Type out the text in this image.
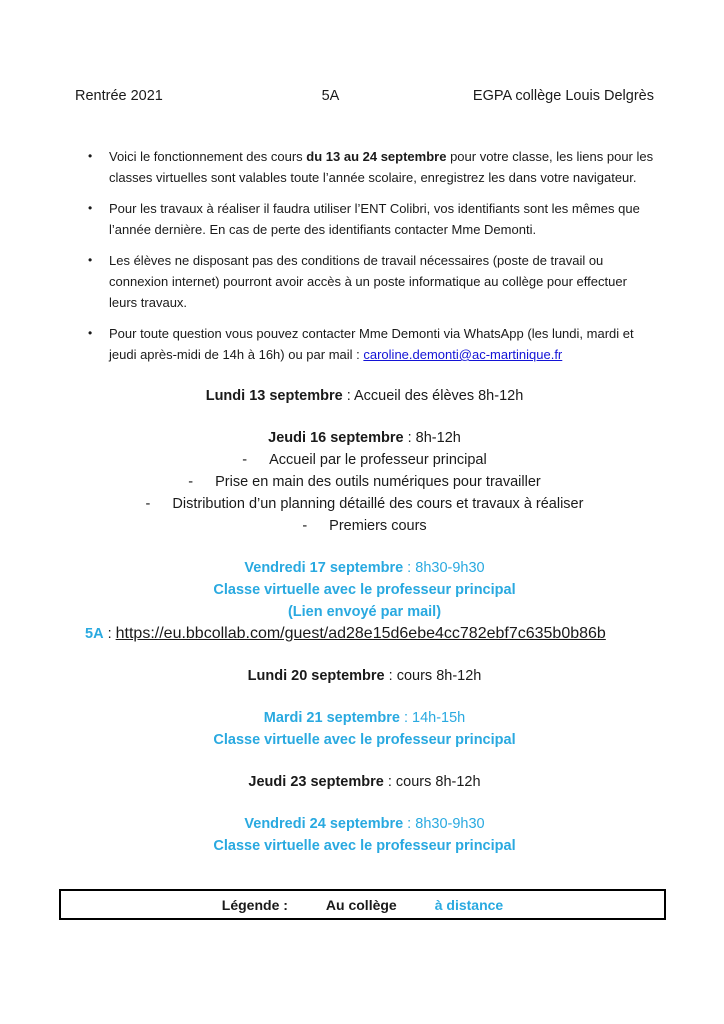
Rentrée 2021	5A	EGPA collège Louis Delgrès
•	Voici le fonctionnement des cours du 13 au 24 septembre pour votre classe, les liens pour les classes virtuelles sont valables toute l’année scolaire, enregistrez les dans votre navigateur.
•	Pour les travaux à réaliser il faudra utiliser l’ENT Colibri, vos identifiants sont les mêmes que l’année dernière. En cas de perte des identifiants contacter Mme Demonti.
•	Les élèves ne disposant pas des conditions de travail nécessaires (poste de travail ou connexion internet) pourront avoir accès à un poste informatique au collège pour effectuer leurs travaux.
•	Pour toute question vous pouvez contacter Mme Demonti via WhatsApp (les lundi, mardi et jeudi après-midi de 14h à 16h) ou par mail : caroline.demonti@ac-martinique.fr
Lundi 13 septembre : Accueil des élèves 8h-12h
Jeudi 16 septembre : 8h-12h
- Accueil par le professeur principal
- Prise en main des outils numériques pour travailler
- Distribution d’un planning détaillé des cours et travaux à réaliser
- Premiers cours
Vendredi 17 septembre : 8h30-9h30
Classe virtuelle avec le professeur principal
(Lien envoyé par mail)
5A : https://eu.bbcollab.com/guest/ad28e15d6ebe4cc782ebf7c635b0b86b
Lundi 20 septembre : cours 8h-12h
Mardi 21 septembre : 14h-15h
Classe virtuelle avec le professeur principal
Jeudi 23 septembre : cours 8h-12h
Vendredi 24 septembre : 8h30-9h30
Classe virtuelle avec le professeur principal
Légende :	Au collège	à distance
